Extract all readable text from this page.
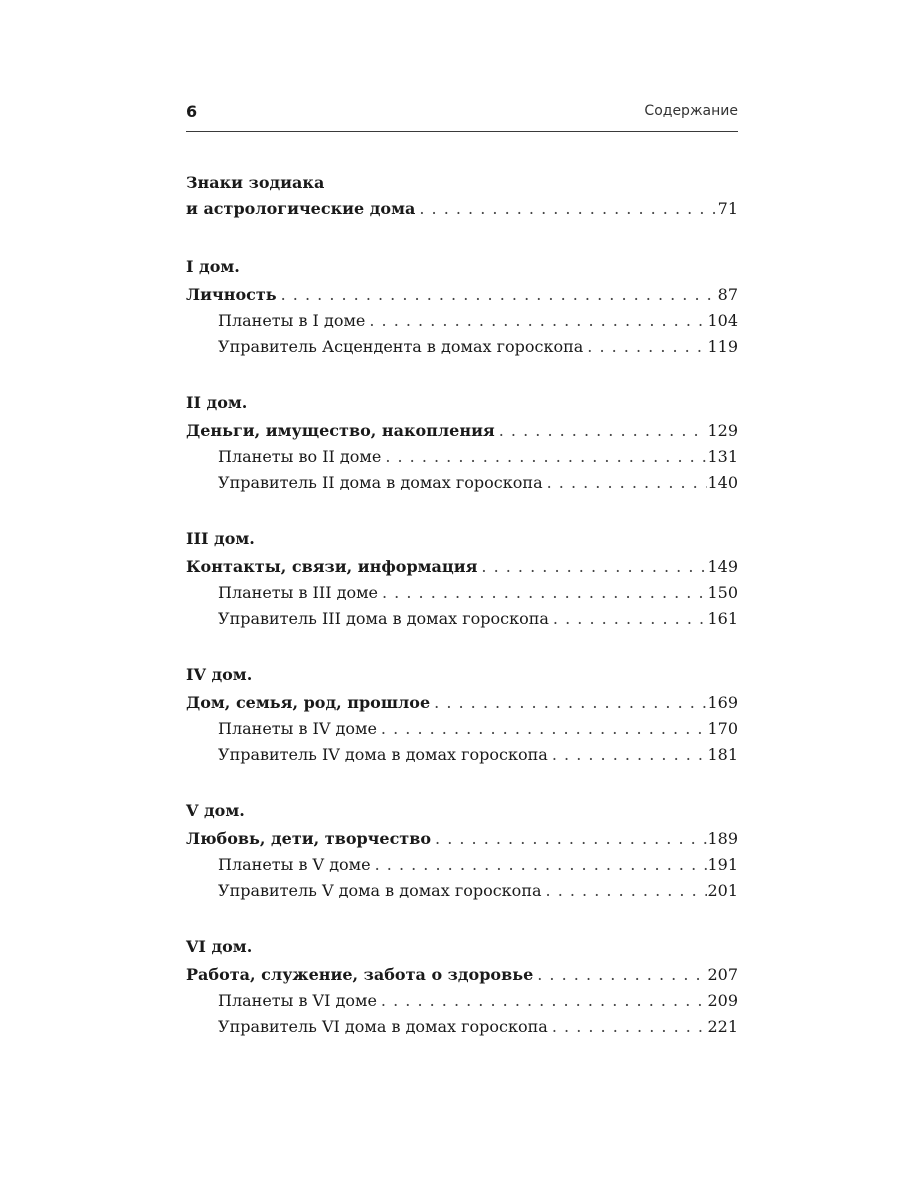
6	Содержание
Знаки зодиака
и астрологические дома . . .	71
I дом.
Личность . . .	87
Планеты в I доме . . .	104
Управитель Асцендента в домах гороскопа . . .	119
II дом.
Деньги, имущество, накопления . . .	129
Планеты во II доме . . .	131
Управитель II дома в домах гороскопа . . .	140
III дом.
Контакты, связи, информация . . .	149
Планеты в III доме . . .	150
Управитель III дома в домах гороскопа . . .	161
IV дом.
Дом, семья, род, прошлое . . .	169
Планеты в IV доме . . .	170
Управитель IV дома в домах гороскопа . . .	181
V дом.
Любовь, дети, творчество . . .	189
Планеты в V доме . . .	191
Управитель V дома в домах гороскопа . . .	201
VI дом.
Работа, служение, забота о здоровье . . .	207
Планеты в VI доме . . .	209
Управитель VI дома в домах гороскопа . . .	221
